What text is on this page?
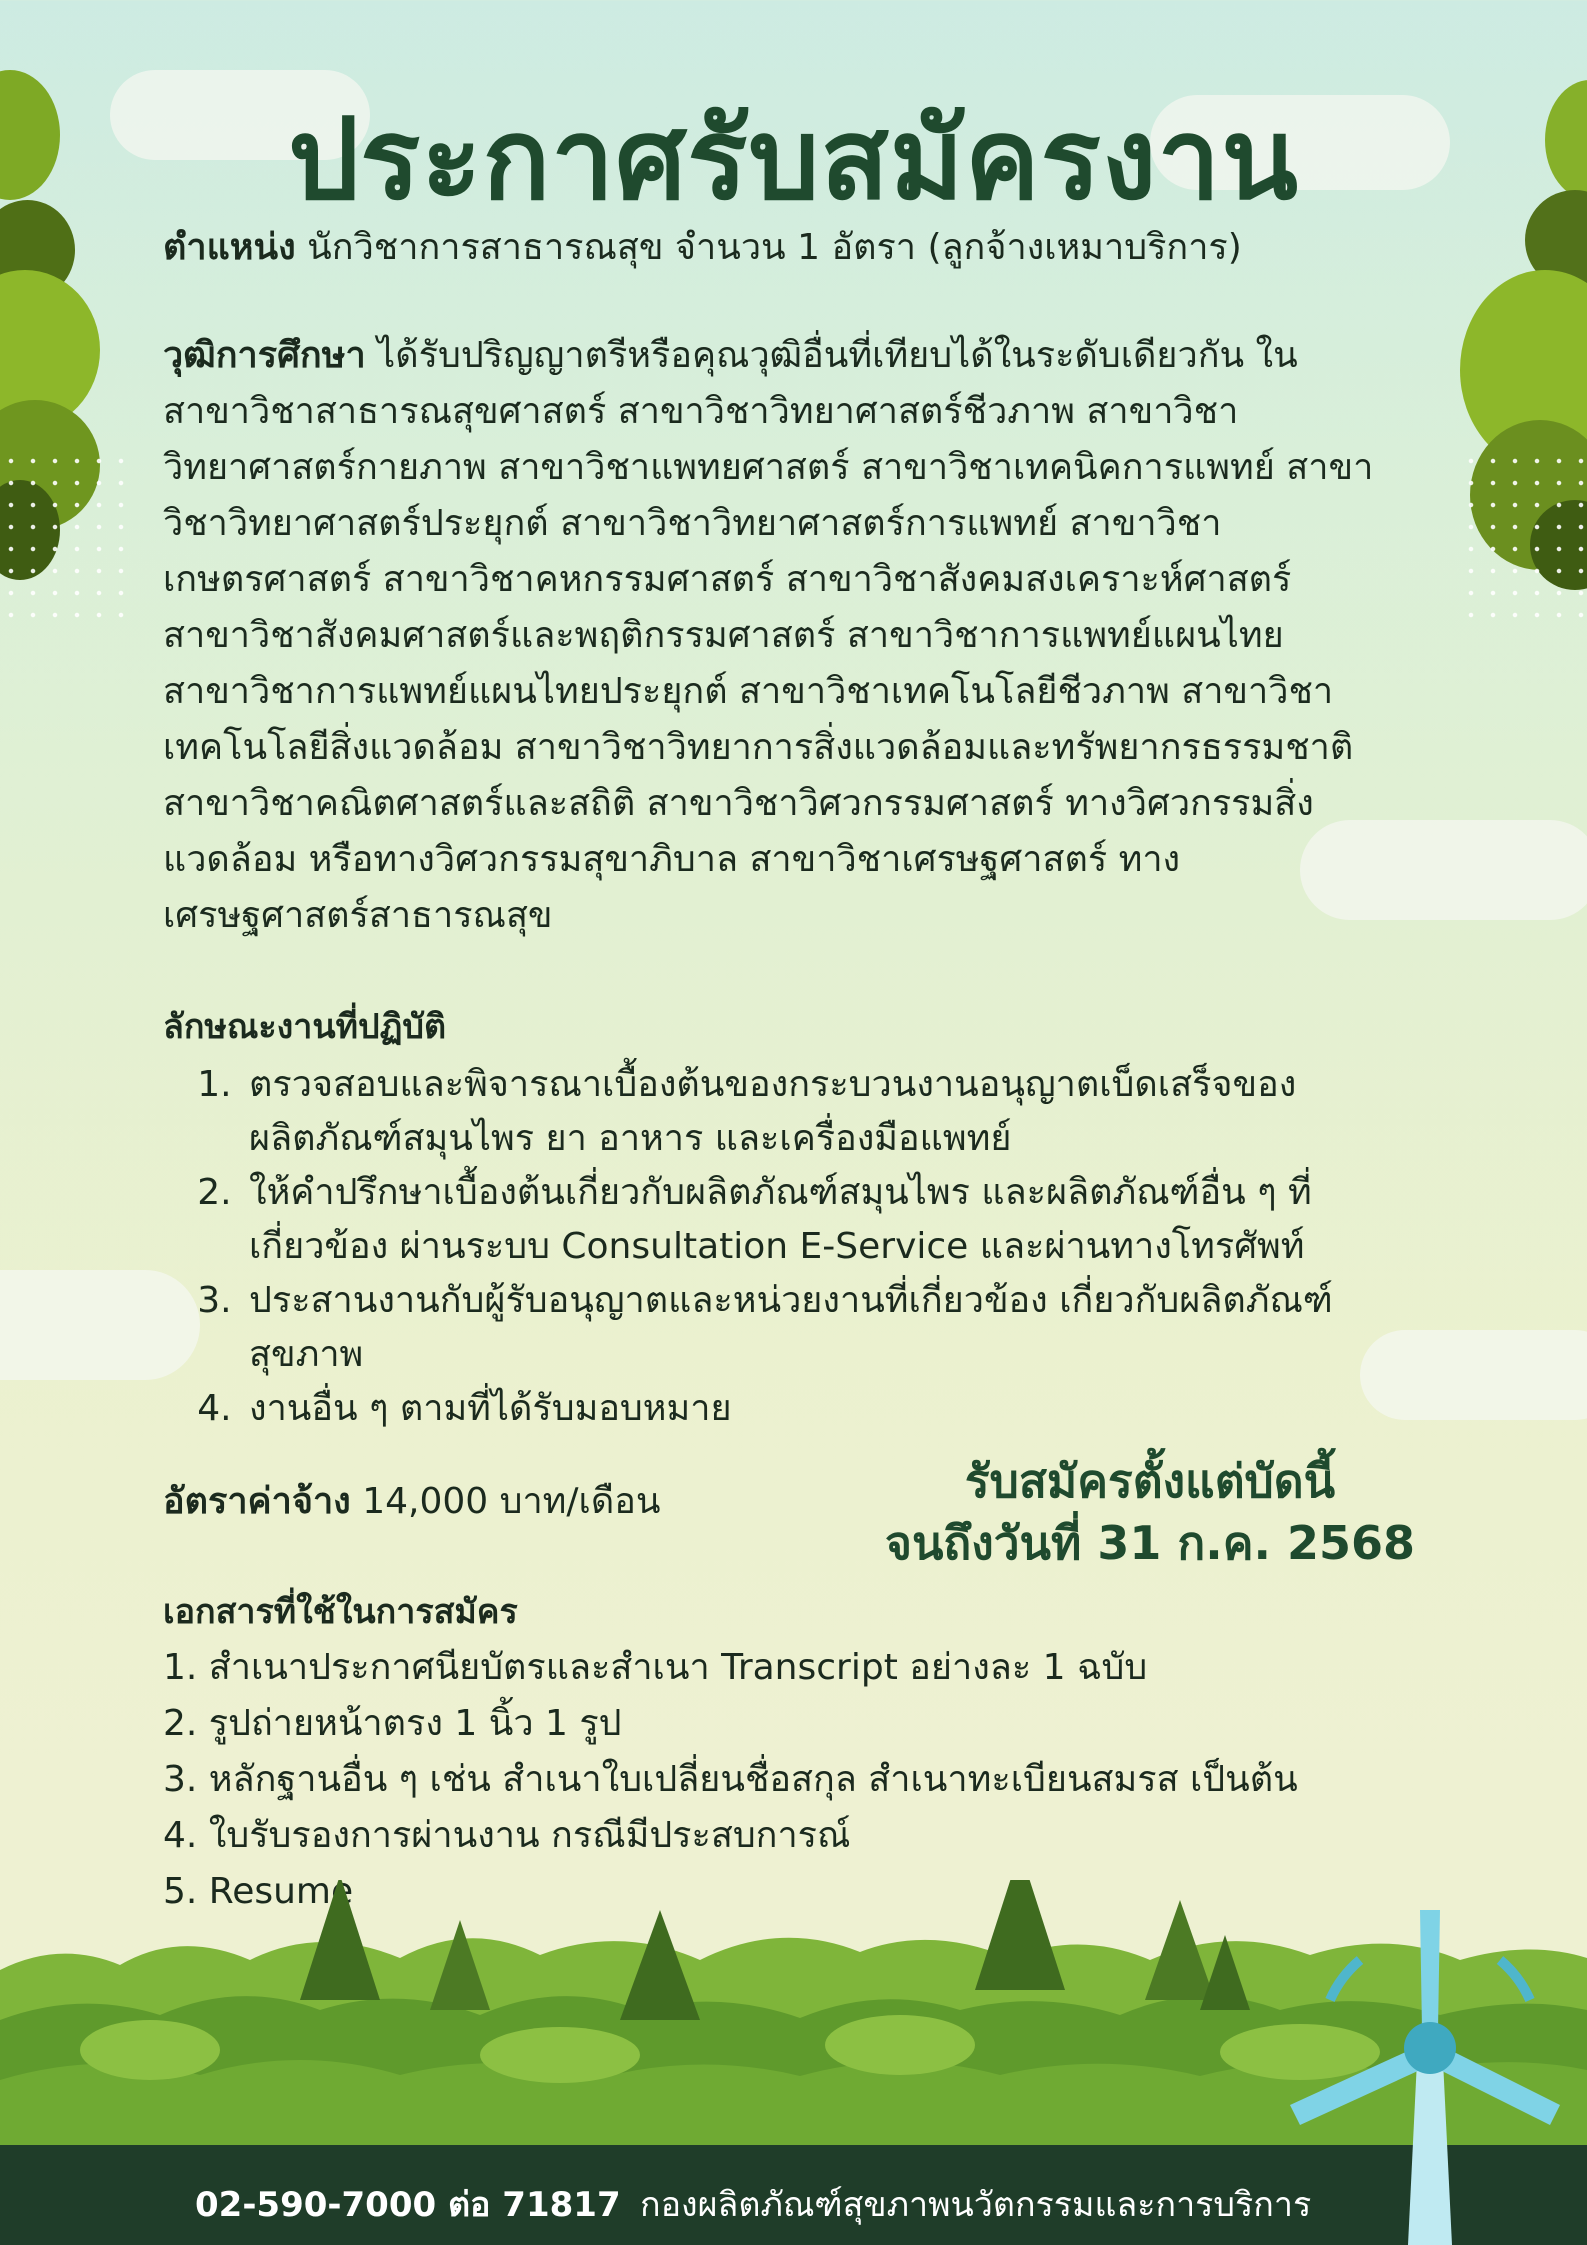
ประกาศรับสมัครงาน
ตำแหน่ง นักวิชาการสาธารณสุข จำนวน 1 อัตรา (ลูกจ้างเหมาบริการ)
วุฒิการศึกษา ได้รับปริญญาตรีหรือคุณวุฒิอื่นที่เทียบได้ในระดับเดียวกัน ใน
สาขาวิชาสาธารณสุขศาสตร์ สาขาวิชาวิทยาศาสตร์ชีวภาพ สาขาวิชา
วิทยาศาสตร์กายภาพ สาขาวิชาแพทยศาสตร์ สาขาวิชาเทคนิคการแพทย์ สาขา
วิชาวิทยาศาสตร์ประยุกต์ สาขาวิชาวิทยาศาสตร์การแพทย์ สาขาวิชา
เกษตรศาสตร์ สาขาวิชาคหกรรมศาสตร์ สาขาวิชาสังคมสงเคราะห์ศาสตร์
สาขาวิชาสังคมศาสตร์และพฤติกรรมศาสตร์ สาขาวิชาการแพทย์แผนไทย
สาขาวิชาการแพทย์แผนไทยประยุกต์ สาขาวิชาเทคโนโลยีชีวภาพ สาขาวิชา
เทคโนโลยีสิ่งแวดล้อม สาขาวิชาวิทยาการสิ่งแวดล้อมและทรัพยากรธรรมชาติ
สาขาวิชาคณิตศาสตร์และสถิติ สาขาวิชาวิศวกรรมศาสตร์ ทางวิศวกรรมสิ่ง
แวดล้อม หรือทางวิศวกรรมสุขาภิบาล สาขาวิชาเศรษฐศาสตร์ ทาง
เศรษฐศาสตร์สาธารณสุข
ลักษณะงานที่ปฏิบัติ
1. ตรวจสอบและพิจารณาเบื้องต้นของกระบวนงานอนุญาตเบ็ดเสร็จของ ผลิตภัณฑ์สมุนไพร ยา อาหาร และเครื่องมือแพทย์
2. ให้คำปรึกษาเบื้องต้นเกี่ยวกับผลิตภัณฑ์สมุนไพร และผลิตภัณฑ์อื่น ๆ ที่ เกี่ยวข้อง ผ่านระบบ Consultation E-Service และผ่านทางโทรศัพท์
3. ประสานงานกับผู้รับอนุญาตและหน่วยงานที่เกี่ยวข้อง เกี่ยวกับผลิตภัณฑ์ สุขภาพ
4. งานอื่น ๆ ตามที่ได้รับมอบหมาย
อัตราค่าจ้าง 14,000 บาท/เดือน	รับสมัครตั้งแต่บัดนี้
จนถึงวันที่ 31 ก.ค. 2568
เอกสารที่ใช้ในการสมัคร
1. สำเนาประกาศนียบัตรและสำเนา Transcript อย่างละ 1 ฉบับ
2. รูปถ่ายหน้าตรง 1 นิ้ว 1 รูป
3. หลักฐานอื่น ๆ เช่น สำเนาใบเปลี่ยนชื่อสกุล สำเนาทะเบียนสมรส เป็นต้น
4. ใบรับรองการผ่านงาน กรณีมีประสบการณ์
5. Resume
02-590-7000 ต่อ 71817 กองผลิตภัณฑ์สุขภาพนวัตกรรมและการบริการ
